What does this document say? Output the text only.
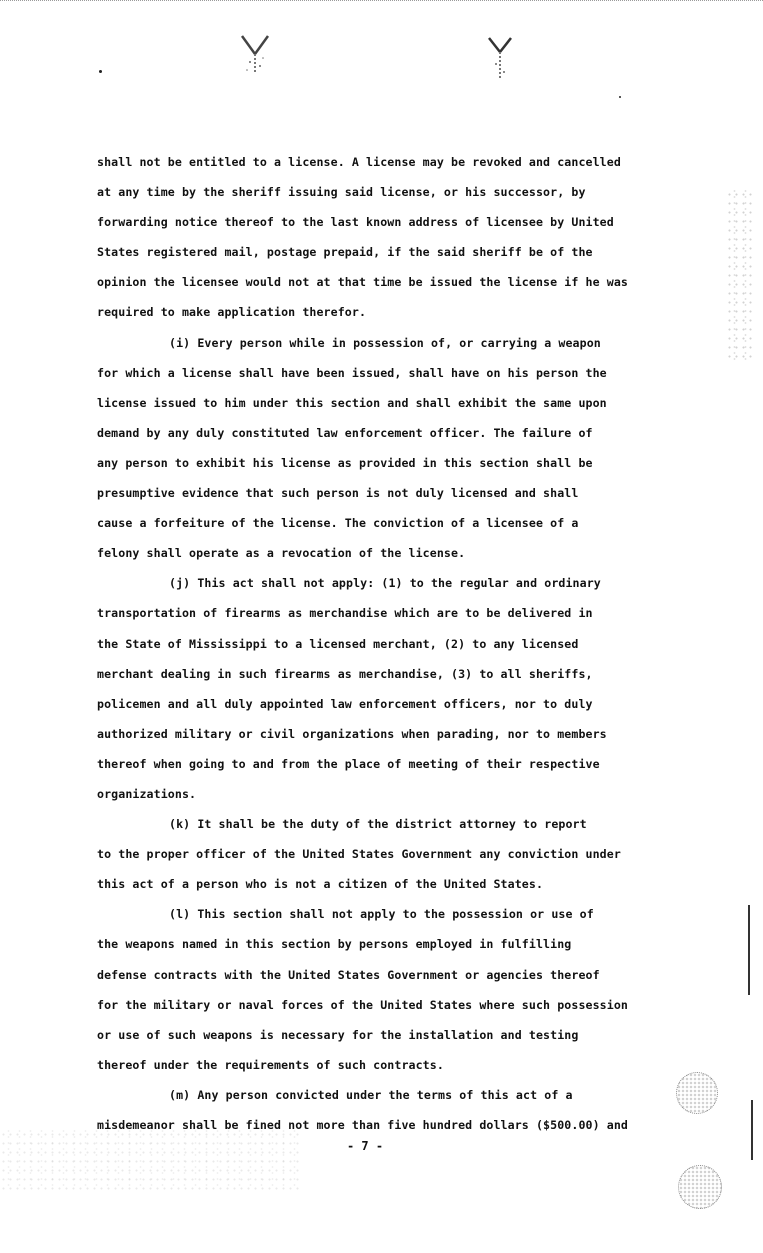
shall not be entitled to a license. A license may be revoked and cancelled
at any time by the sheriff issuing said license, or his successor, by
forwarding notice thereof to the last known address of licensee by United
States registered mail, postage prepaid, if the said sheriff be of the
opinion the licensee would not at that time be issued the license if he was
required to make application therefor.
(i) Every person while in possession of, or carrying a weapon
for which a license shall have been issued, shall have on his person the
license issued to him under this section and shall exhibit the same upon
demand by any duly constituted law enforcement officer. The failure of
any person to exhibit his license as provided in this section shall be
presumptive evidence that such person is not duly licensed and shall
cause a forfeiture of the license. The conviction of a licensee of a
felony shall operate as a revocation of the license.
(j) This act shall not apply: (1) to the regular and ordinary
transportation of firearms as merchandise which are to be delivered in
the State of Mississippi to a licensed merchant, (2) to any licensed
merchant dealing in such firearms as merchandise, (3) to all sheriffs,
policemen and all duly appointed law enforcement officers, nor to duly
authorized military or civil organizations when parading, nor to members
thereof when going to and from the place of meeting of their respective
organizations.
(k) It shall be the duty of the district attorney to report
to the proper officer of the United States Government any conviction under
this act of a person who is not a citizen of the United States.
(l) This section shall not apply to the possession or use of
the weapons named in this section by persons employed in fulfilling
defense contracts with the United States Government or agencies thereof
for the military or naval forces of the United States where such possession
or use of such weapons is necessary for the installation and testing
thereof under the requirements of such contracts.
(m) Any person convicted under the terms of this act of a
misdemeanor shall be fined not more than five hundred dollars ($500.00) and
- 7 -
